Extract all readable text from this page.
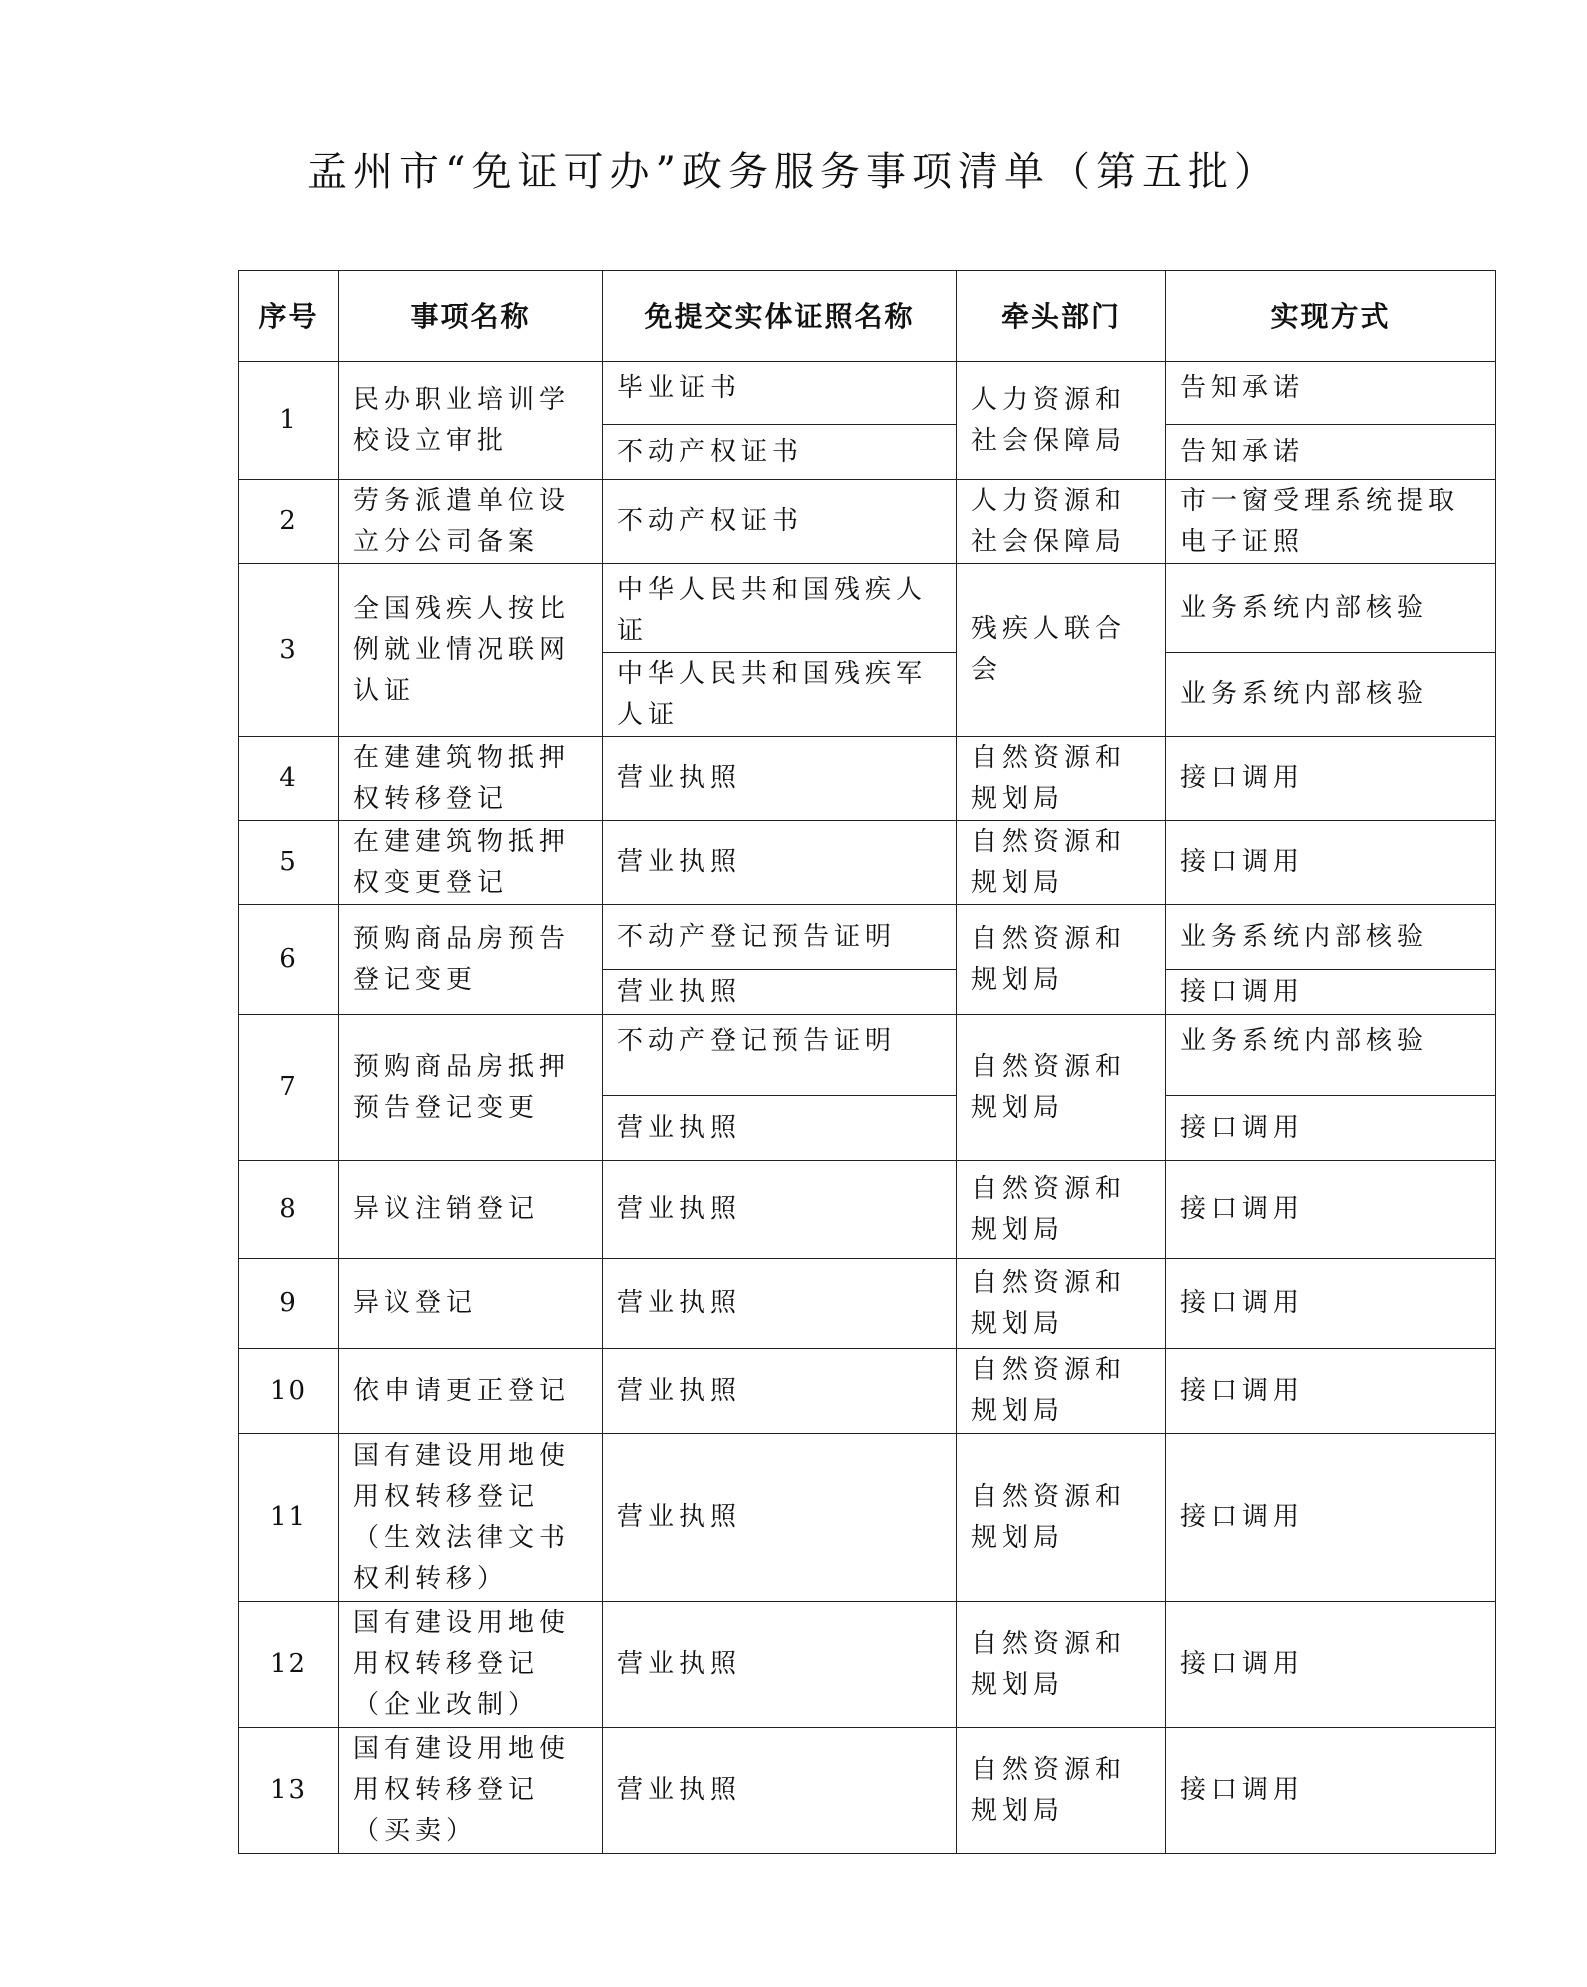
孟州市“免证可办”政务服务事项清单（第五批）
序号	事项名称	免提交实体证照名称	牵头部门	实现方式
1	民办职业培训学校设立审批	毕业证书	人力资源和社会保障局	告知承诺
		不动产权证书		告知承诺
2	劳务派遣单位设立分公司备案	不动产权证书	人力资源和社会保障局	市一窗受理系统提取电子证照
3	全国残疾人按比例就业情况联网认证	中华人民共和国残疾人证	残疾人联合会	业务系统内部核验
		中华人民共和国残疾军人证		业务系统内部核验
4	在建建筑物抵押权转移登记	营业执照	自然资源和规划局	接口调用
5	在建建筑物抵押权变更登记	营业执照	自然资源和规划局	接口调用
6	预购商品房预告登记变更	不动产登记预告证明	自然资源和规划局	业务系统内部核验
		营业执照		接口调用
7	预购商品房抵押预告登记变更	不动产登记预告证明	自然资源和规划局	业务系统内部核验
		营业执照		接口调用
8	异议注销登记	营业执照	自然资源和规划局	接口调用
9	异议登记	营业执照	自然资源和规划局	接口调用
10	依申请更正登记	营业执照	自然资源和规划局	接口调用
11	国有建设用地使用权转移登记（生效法律文书权利转移）	营业执照	自然资源和规划局	接口调用
12	国有建设用地使用权转移登记（企业改制）	营业执照	自然资源和规划局	接口调用
13	国有建设用地使用权转移登记（买卖）	营业执照	自然资源和规划局	接口调用
